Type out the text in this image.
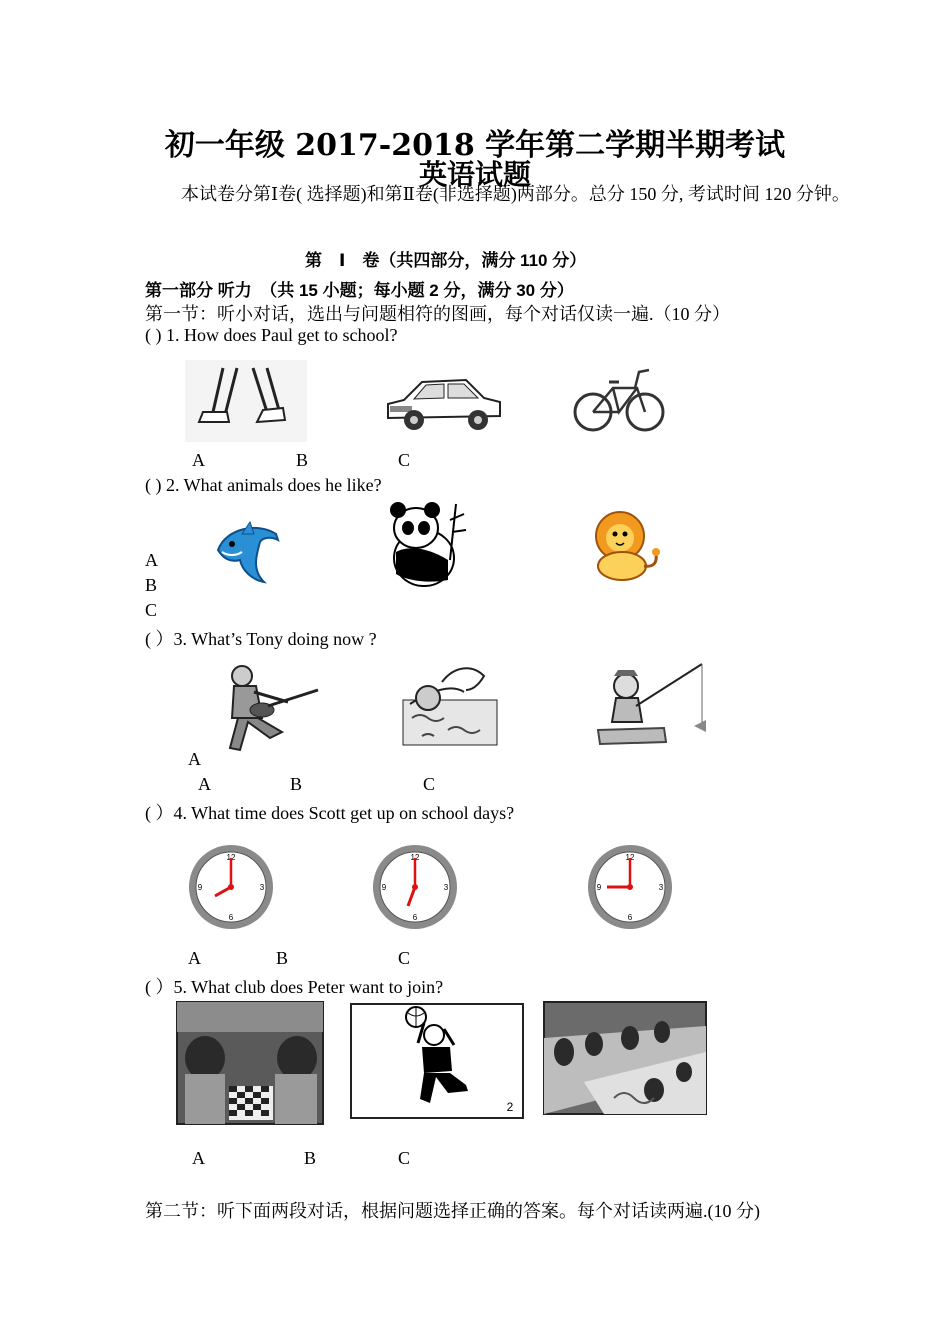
初一年级 2017-2018 学年第二学期半期考试
英语试题
本试卷分第Ⅰ卷( 选择题)和第Ⅱ卷(非选择题)两部分。总分 150 分, 考试时间 120 分钟。
第　Ⅰ　卷（共四部分，满分 110 分）
第一部分 听力　（共 15 小题；每小题 2 分，满分 30 分）
第一节：听小对话，选出与问题相符的图画，每个对话仅读一遍.（10 分）
( ) 1. How does Paul get to school?
A	B	C
( ) 2. What animals does he like?
A
B
C
( ）3. What’s Tony doing now ?
A
A	B	C
( ）4. What time does Scott get up on school days?
12
3
6
9
12
3
6
9
12
3
6
9
A	B	C
( ）5. What club does Peter want to join?
2
A	B	C
第二节：听下面两段对话，根据问题选择正确的答案。每个对话读两遍.(10 分)
